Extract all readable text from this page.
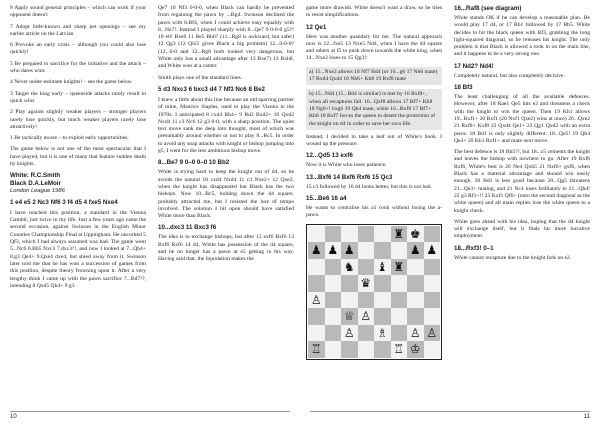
8 Apply sound general principles – which can work if your opponent doesn't
7 Adopt little-known and sharp pet openings – see my earlier article on the Latvian
6 Provoke an early crisis – although you could also lose quickly!
5 Be prepared to sacrifice for the initiative and the attack – who dares wins
4 Never under-estimate knights! – see the game below
3 Target the king early – queenside attacks rarely result in quick wins
2 Play against slightly weaker players – stronger players rarely lose quickly, but much weaker players rarely lose attractively!
1 Be tactically aware – to exploit early opportunities.
The game below is not one of the most spectacular that I have played, but it is one of many that feature sudden death by knights.
White: R.C.Smith
Black D.A.LeMoir
London League 1986
1 e4 e5 2 Nc3 Nf6 3 f4 d5 4 fxe5 Nxe4
I have reached this position, a standard in the Vienna Gambit, just twice in my life. Just a few years ago came the second occasion, against Swinson in the English Minor Counties Championship Final at Uppingham. He uncorked 5 Qf3, which I had always assumed was bad. The game went 5...Nc6 6.Bb5 Nxc3 7.dxc3?!, and now I looked at 7...Qh4+ 8.g3 Qe4+ 9.Qxe4 dxe4, but shied away from it. Swinson later told me that he has won a succession of games from this position, despite theory frowning upon it. After a very lengthy think I came up with the pawn sacrifice 7...Bd7!?, intending 8 Qxd5 Qh4+ 9 g3
Qe7 10 Nf3 0-0-0, when Black can hardly be prevented from regaining the pawn by ...Bg4. Swinson declined the pawn with 8.Bf4, when I could achieve easy equality with 8...Ne7!. Instead I played sharply with 8...Qe7 9 0-0-0 g5?! 10 e6! Bxe6 11 Be5 Bh6? (11...Rg8 is awkward, but safer) 12 Qg3 (12 Qh5! gives Black a big problem) 12...0-0-0? (12...0-0 and 12...Rg8 both looked very dangerous, but White only has a small advantage after 13 Bxe7) 13 Bxh8, and White won at a canter.
Smith plays one of the standard lines.
5 d3 Nxc3 6 bxc3 d4 7 Nf3 Nc6 8 Be2
I knew a little about this line because an old sparring partner of mine, Maurice Staples, used to play the Vienna in the 1970s. I anticipated 8 cxd4 Bb4+ 9 Bd2 Bxd2+ 10 Qxd2 Nxd4 11 c3 Nc6 12 g3 0-0, with a sharp position. The quiet text move sank me deep into thought, most of which was presumably around whether or not to play 8...Bc5. In order to avoid any snap attacks with knight or bishop jumping into g5, I went for the less ambitious bishop move.
8...Be7 9 0–0 0–0 10 Bb2
White is trying hard to keep the knight out of d4, so he avoids the natural 10 cxd4 Nxd4 11 c3 Nxe2+ 12 Qxe2, when the knight has disappeared but Black has the two bishops. Now 10...Bc5, holding down the d4 square, probably attracted me, but I resisted the lure of tempo involved. The solution I hit upon should have satisfied White more than Black.
10...dxc3 11 Bxc3 f6
The idea is to exchange bishops, but after 12 exf6 Bxf6 13 Bxf6 Rxf6 14 d4, White has possession of the d4 square, and he no longer has a pawn at e5 getting in his way. Having said that, the liquidation makes the
game more drawish. White doesn't want a draw, so he tries to resist simplifications.
12 Qe1
Here was another quandary for me. The natural approach now is 12...fxe5 13 Nxe5 Nd4, when I have the d4 square and others at f5 to push down towards the white king, when 14...Nxe2 loses to 15 Qg3!:
a) 15...Nxe2 allows 16 Nf7 Bd4 (or 16...g6 17 Nh6 mate) 17 Bxd4 Qxd4 18 Nh6+ Kh8 19 Rxf8 mate
b) 15...Nd4 (15...Bd4 is similar) is met by 16 Rxf8+, when all recaptures fail. 16...Qxf8 allows 17 Bf7+ Kh8 18 Ng6+! hxg6 19 Qh4 mate, while 16...Bxf8 17 Bf7+ Kh8 18 Bxf7 forces the queen to desert the protection of the knight on d4 in order to save her own life.
Instead, I decided to take a leaf out of White's book. I wound up the pressure.
12...Qd5 13 exf6
Now it is White who loses patience.
13...Bxf6 14 Bxf6 Rxf6 15 Qc3
15 c3 followed by 16 d4 looks better, but this is not bad.
15...Be6 16 a4
He wants to centralise his a1 rook without losing the a-pawn.
♜ ♚
♟ ♟ ♟	♟ ♟
♞ ♝ ♜
♛
♙
♕ ♙
♙ ♗ ♙ ♙
♖	♖ ♔
16...Raf8 (see diagram)
White stands OK if he can develop a reasonable plan. He would play 17 d4, or 17 Rb1 followed by 17 Rb5. White decides to hit the black queen with Bf3, grabbing the long light-squared diagonal, so he releases his knight. The only problem is that Black is allowed a rook in on the main line, and it happens to be a very strong one.
17 Nd2? Nd4!
Completely natural, but also completely decisive.
18 Bf3
The least challenging of all the available defences. However, after 18 Rae1 Qe5 hits e2 and threatens a check with the knight to win the queen. Then 19 Kh1 allows 19...Rxf1+ 20 Rxf1 (20 Nxf1 Qxe2) wins at once) 20...Qxe2 21 Rxf8+ Kxf8 22 Qxd4 Qe1+ 23 Qg1 Qxd2 with an extra piece. 18 Bd1 is only slightly different: 18...Qe5! 19 Qb4 Qe3+ 20 Kh1 Rxf1+ and mate next move.
The best defence is 18 Bh5!?, but 18...c5 cements the knight and leaves the bishop with nowhere to go. After 19 Rxf6 Rxf6, White's best is 20 Ne4 Qxh5 21 Nxf6+ gxf6, when Black has a material advantage and should win easily enough. 20 Bd1 is less good because 20...Qg5 threatens 21...Qe3+ mating, and 21 Nc4 loses brilliantly to 21...Qh4! 22 g3 Rf1+!! 23 Kxf1 Qf6+ (onto the second diagonal as the white queen) and all main replies lose the white queen to a knight check.
White goes ahead with his idea, hoping that the d4 knight will exchange itself, but it finds far more lucrative employment.
18...Rxf3! 0–1
White cannot recapture due to the knight fork on e2.
10	11
